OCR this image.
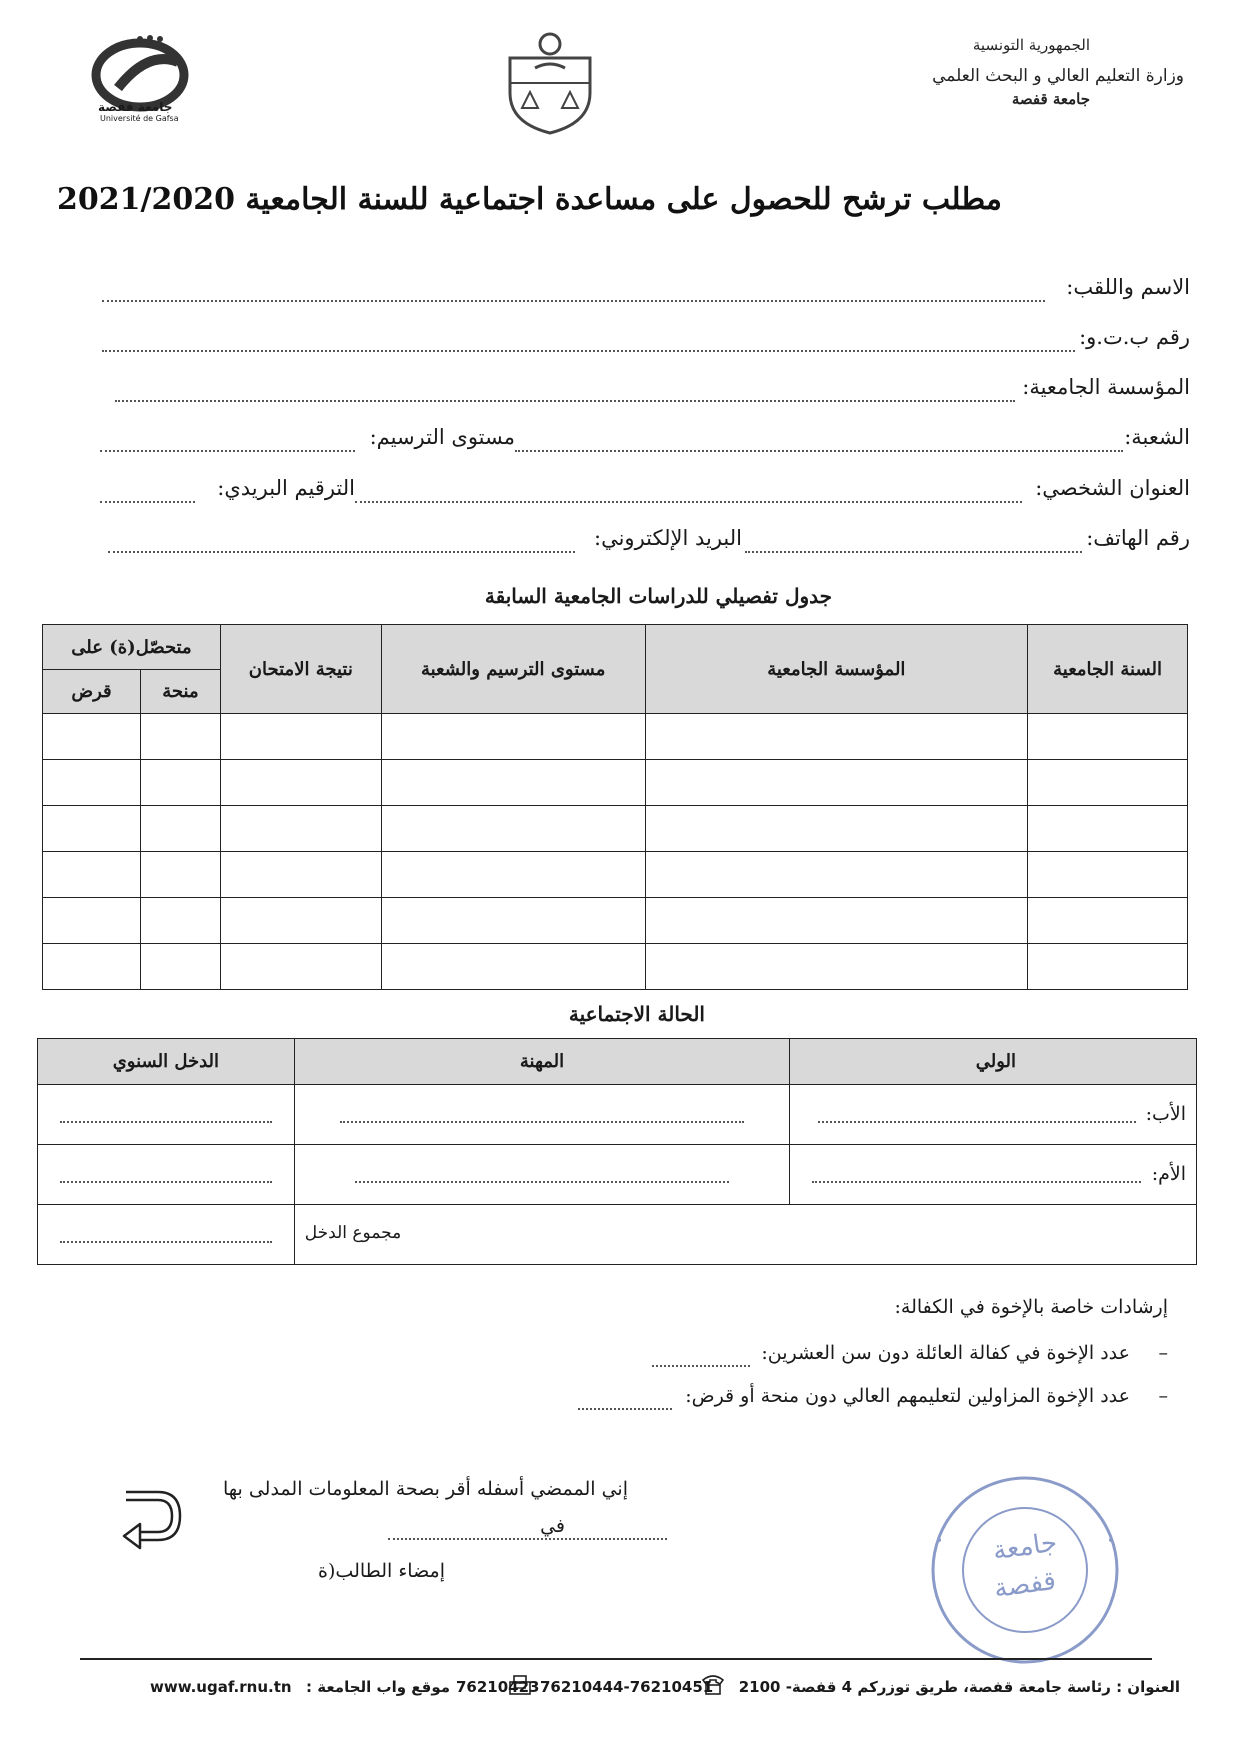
جامعة قفصة
Université de Gafsa
الجمهورية التونسية
وزارة التعليم العالي و البحث العلمي
جامعة قفصة
مطلب ترشح للحصول على مساعدة اجتماعية للسنة الجامعية 2021/2020
الاسم واللقب:
رقم ب.ت.و:
المؤسسة الجامعية:
الشعبة:
مستوى الترسيم:
العنوان الشخصي:
الترقيم البريدي:
رقم الهاتف:
البريد الإلكتروني:
جدول تفصيلي للدراسات الجامعية السابقة
السنة الجامعية	المؤسسة الجامعية	مستوى الترسيم والشعبة	نتيجة الامتحان	متحصّل(ة) على	
				منحة	قرض

الحالة الاجتماعية
الولي	المهنة	الدخل السنوي

الأب:		

الأم:		

مجموع الدخل		

إرشادات خاصة بالإخوة في الكفالة:
–
عدد الإخوة في كفالة العائلة دون سن العشرين:
–
عدد الإخوة المزاولين لتعليمهم العالي دون منحة أو قرض:
إني الممضي أسفله أقر بصحة المعلومات المدلى بها
في
إمضاء الطالب(ة
جامعة
قفصة
العنوان : رئاسة جامعة قفصة، طريق توزركم 4 قفصة- 2100
76210444-76210451
76210423
موقع واب الجامعة :
www.ugaf.rnu.tn
